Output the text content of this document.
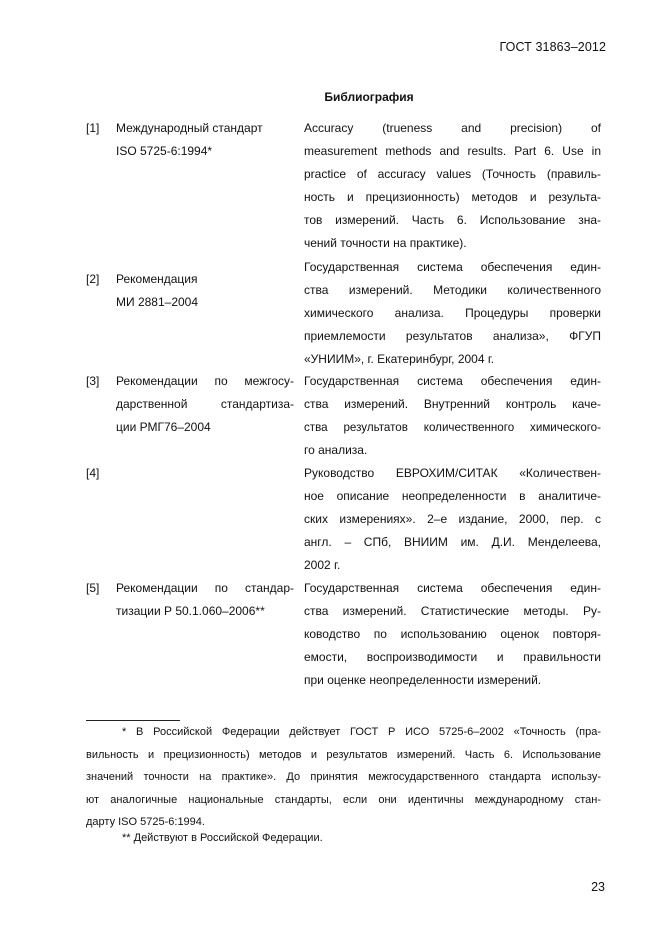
ГОСТ 31863–2012
Библиография
[1] Международный стандарт
ISO 5725-6:1994*
Accuracy (trueness and precision) of
measurement methods and results. Part 6. Use in
practice of accuracy values (Точность (правиль-
ность и прецизионность) методов и результа-
тов измерений. Часть 6. Использование зна-
чений точности на практике).
[2] Рекомендация
МИ 2881–2004
Государственная система обеспечения един-
ства измерений. Методики количественного
химического анализа. Процедуры проверки
приемлемости результатов анализа», ФГУП
«УНИИМ», г. Екатеринбург, 2004 г.
[3] Рекомендации по межгосу-
дарственной стандартиза-
ции РМГ76–2004
Государственная система обеспечения един-
ства измерений. Внутренний контроль каче-
ства результатов количественного химического-
го анализа.
[4]	Руководство ЕВРОХИМ/СИТАК «Количествен-
ное описание неопределенности в аналитиче-
ских измерениях». 2–е издание, 2000, пер. с
англ. – СПб, ВНИИМ им. Д.И. Менделеева,
2002 г.
[5] Рекомендации по стандар-
тизации Р 50.1.060–2006**
Государственная система обеспечения един-
ства измерений. Статистические методы. Ру-
ководство по использованию оценок повторя-
емости, воспроизводимости и правильности
при оценке неопределенности измерений.
* В Российской Федерации действует ГОСТ Р ИСО 5725-6–2002 «Точность (пра-
вильность и прецизионность) методов и результатов измерений. Часть 6. Использование
значений точности на практике». До принятия межгосударственного стандарта использу-
ют аналогичные национальные стандарты, если они идентичны международному стан-
дарту ISO 5725-6:1994.
** Действуют в Российской Федерации.
23
